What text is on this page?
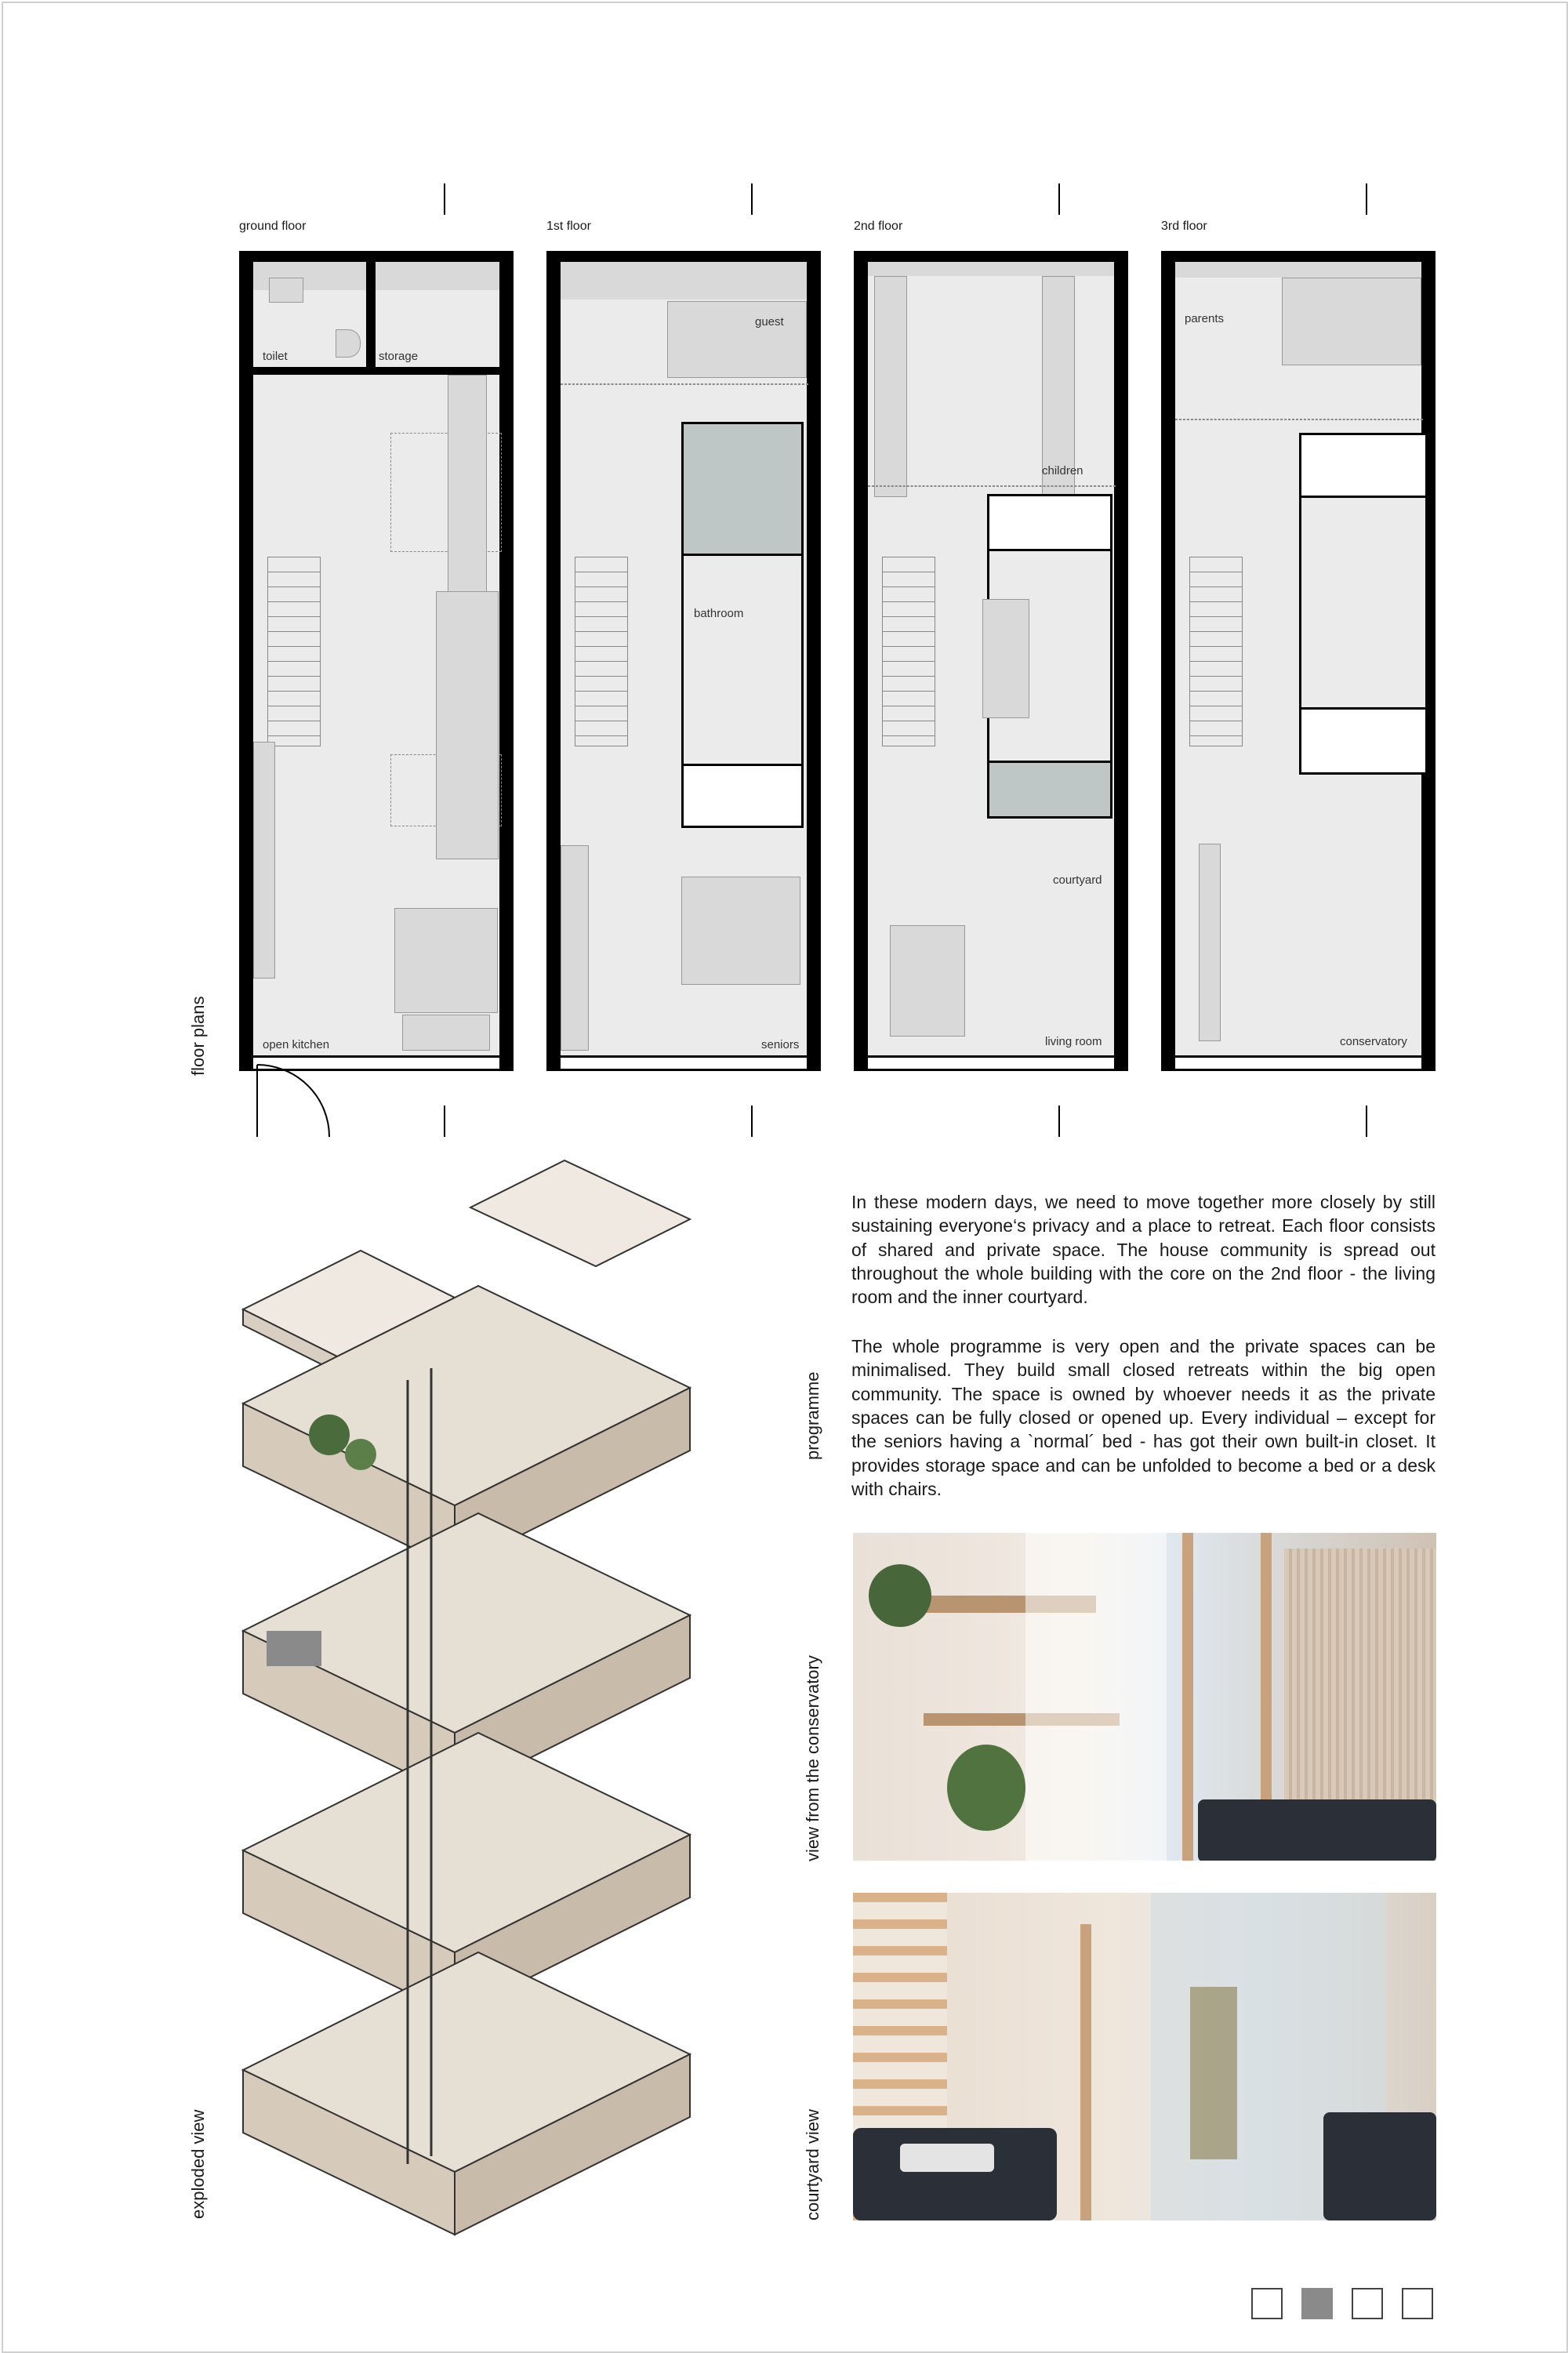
ground floor	1st floor	2nd floor	3rd floor
toilet	storage
open kitchen
guest
bathroom
seniors
children
courtyard
living room
parents
conservatory
floor plans
exploded view
programme
view from the conservatory
courtyard view
In these modern days, we need to move together more closely by still sustaining everyone‘s privacy and a place to retreat. Each floor consists of shared and private space. The house community is spread out throughout the whole building with the core on the 2nd floor - the living room and the inner courtyard.
The whole programme is very open and the private spaces can be minimalised. They build small closed retreats within the big open community. The space is owned by whoever needs it as the private spaces can be fully closed or opened up. Every individual – except for the seniors having a `normal´ bed - has got their own built-in closet. It provides storage space and can be unfolded to become a bed or a desk with chairs.
